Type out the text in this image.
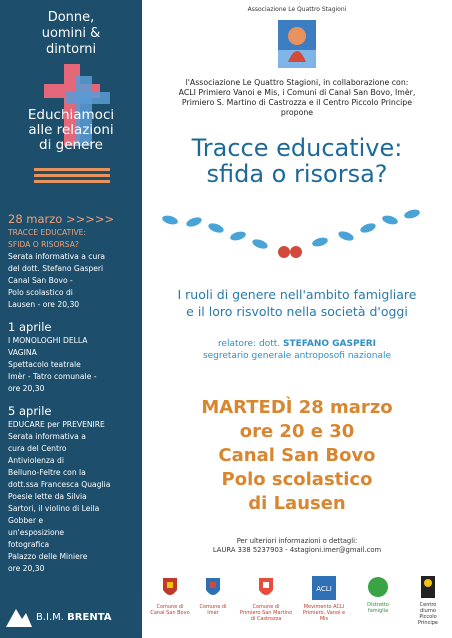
Donne,
uomini &
dintorni
Educhiamoci
alle relazioni
di genere
28 marzo >>>>>
TRACCE EDUCATIVE:
SFIDA O RISORSA?
Serata informativa a cura
del dott. Stefano Gasperi
Canal San Bovo -
Polo scolastico di
Lausen - ore 20,30
1 aprile
I MONOLOGHI DELLA
VAGINA
Spettacolo teatrale
Imèr - Tatro comunale -
ore 20,30
5 aprile
EDUCARE per PREVENIRE
Serata informativa a
cura del Centro
Antiviolenza di
Belluno-Feltre con la
dott.ssa Francesca Quaglia
Poesie lette da Silvia
Sartori, il violino di Leila
Gobber e
un'esposizione
fotografica
Palazzo delle Miniere
ore 20,30
B.I.M. BRENTA
Associazione Le Quattro Stagioni
l'Associazione Le Quattro Stagioni, in collaborazione con:
ACLI Primiero Vanoi e Mis, i Comuni di Canal San Bovo, Imèr,
Primiero S. Martino di Castrozza e il Centro Piccolo Principe
propone
Tracce educative:
sfida o risorsa?
I ruoli di genere nell'ambito famigliare
e il loro risvolto nella società d'oggi
relatore: dott. STEFANO GASPERI
segretario generale antroposofi nazionale
MARTEDÌ 28 marzo
ore 20 e 30
Canal San Bovo
Polo scolastico
di Lausen
Per ulteriori informazioni o dettagli:
LAURA 338 5237903 - 4stagioni.imer@gmail.com
Comune di
Canal San Bovo
Comune di
Imèr
Comune di
Primiero San Martino
di Castrozza
ACLI
Movimento ACLI
Primiero, Vanoi e Mis
Distretto
famiglia
Centro
diurno
Piccolo
Principe
